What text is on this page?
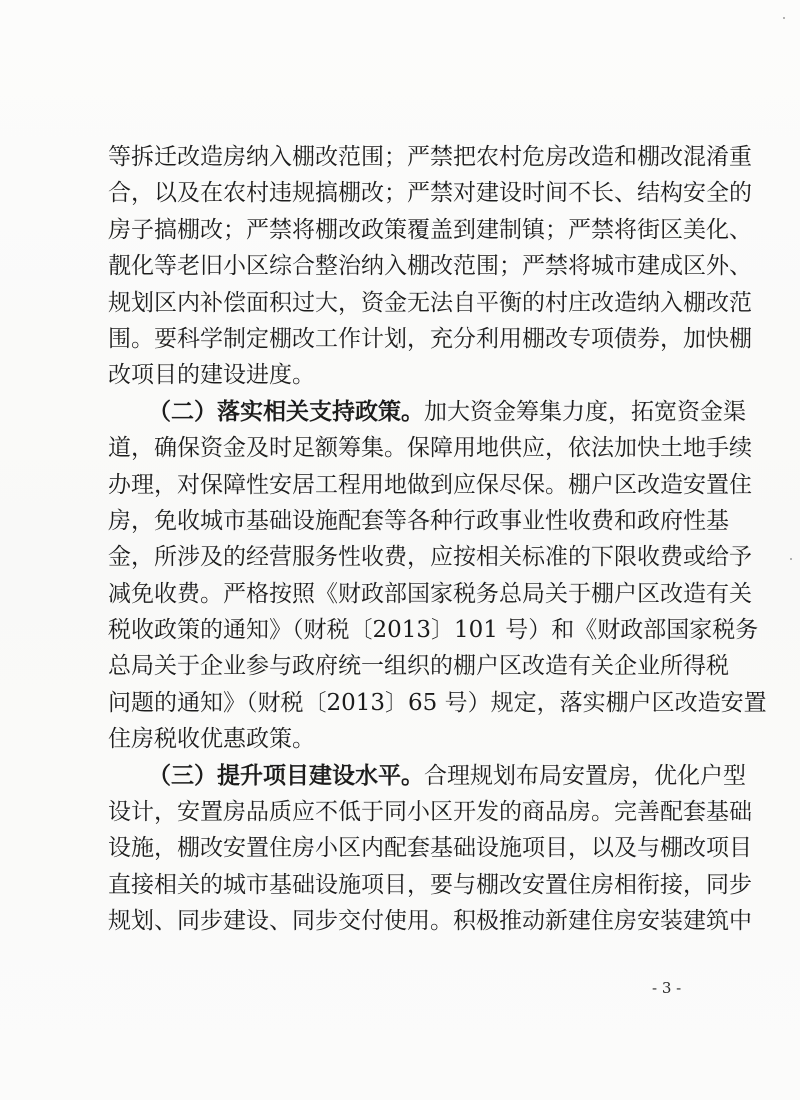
等拆迁改造房纳入棚改范围；严禁把农村危房改造和棚改混淆重
合，以及在农村违规搞棚改；严禁对建设时间不长、结构安全的
房子搞棚改；严禁将棚改政策覆盖到建制镇；严禁将街区美化、
靓化等老旧小区综合整治纳入棚改范围；严禁将城市建成区外、
规划区内补偿面积过大，资金无法自平衡的村庄改造纳入棚改范
围。要科学制定棚改工作计划，充分利用棚改专项债券，加快棚
改项目的建设进度。
（二）落实相关支持政策。加大资金筹集力度，拓宽资金渠
道，确保资金及时足额筹集。保障用地供应，依法加快土地手续
办理，对保障性安居工程用地做到应保尽保。棚户区改造安置住
房，免收城市基础设施配套等各种行政事业性收费和政府性基
金，所涉及的经营服务性收费，应按相关标准的下限收费或给予
减免收费。严格按照《财政部国家税务总局关于棚户区改造有关
税收政策的通知》（财税〔2013〕101 号）和《财政部国家税务
总局关于企业参与政府统一组织的棚户区改造有关企业所得税
问题的通知》（财税〔2013〕65 号）规定，落实棚户区改造安置
住房税收优惠政策。
（三）提升项目建设水平。合理规划布局安置房，优化户型
设计，安置房品质应不低于同小区开发的商品房。完善配套基础
设施，棚改安置住房小区内配套基础设施项目，以及与棚改项目
直接相关的城市基础设施项目，要与棚改安置住房相衔接，同步
规划、同步建设、同步交付使用。积极推动新建住房安装建筑中
- 3 -
